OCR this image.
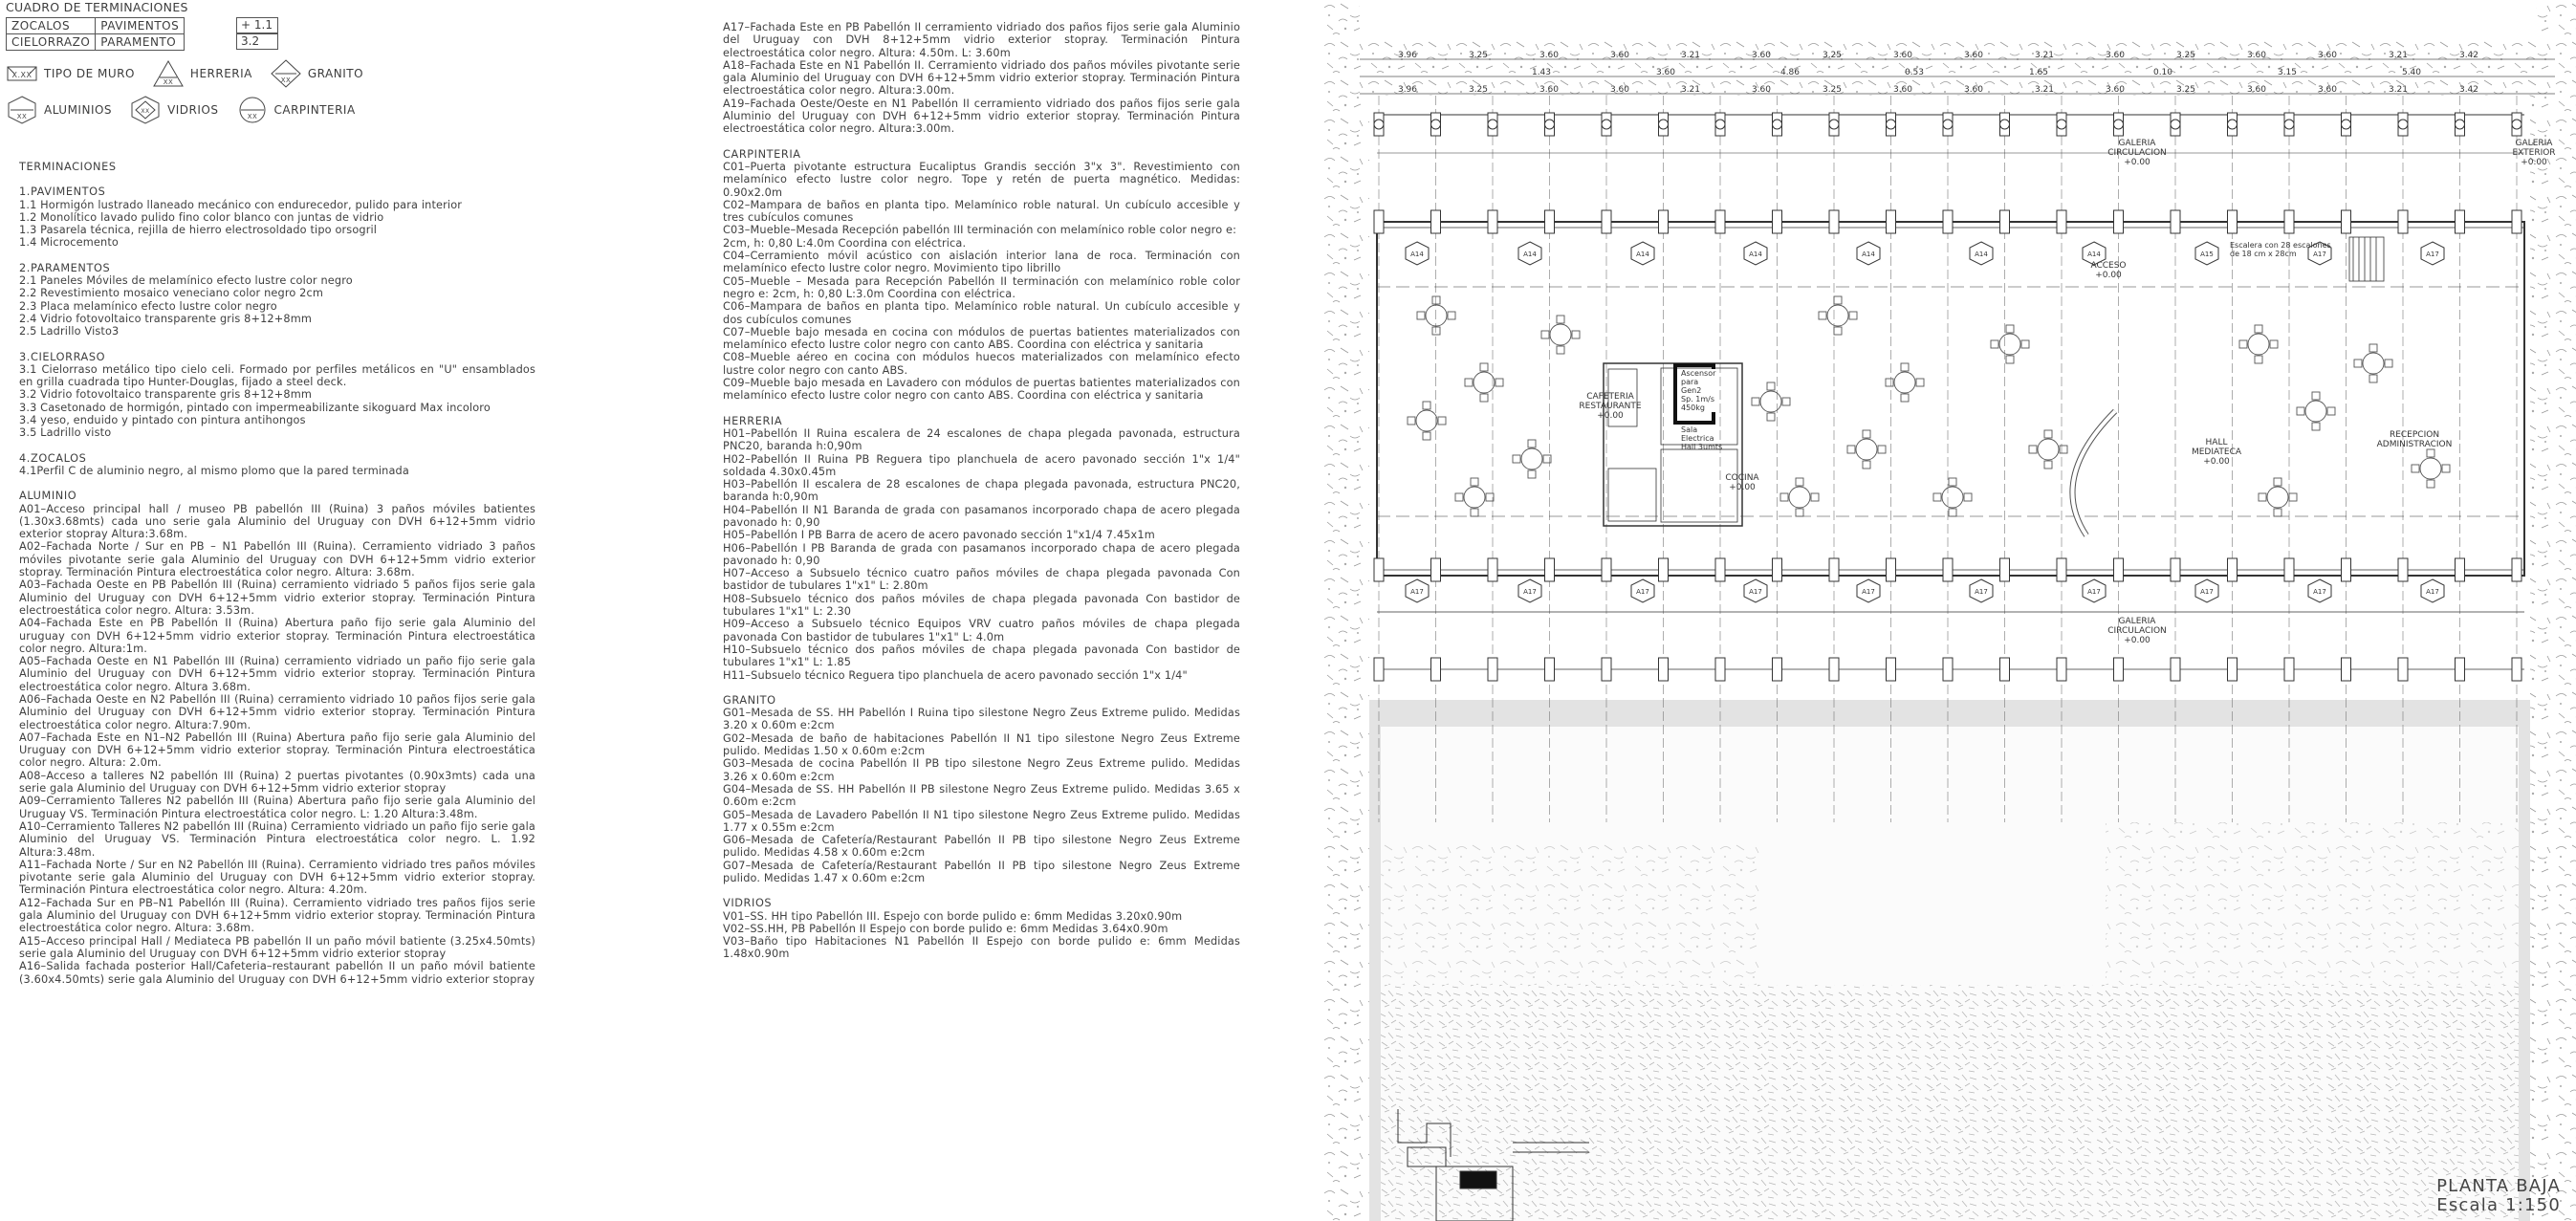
CUADRO DE TERMINACIONES
ZOCALOS	PAVIMENTOS
CIELORRAZO	PARAMENTO
+ 1.1
3.2
X.XX TIPO DE MURO
XX
HERRERIA	XX GRANITO
XX ALUMINIOS	XX VIDRIOS	XX CARPINTERIA
TERMINACIONES
1.PAVIMENTOS
1.1 Hormigón lustrado llaneado mecánico con endurecedor, pulido para interior
1.2 Monolítico lavado pulido fino color blanco con juntas de vidrio
1.3 Pasarela técnica, rejilla de hierro electrosoldado tipo orsogril
1.4 Microcemento
2.PARAMENTOS
2.1 Paneles Móviles de melamínico efecto lustre color negro
2.2 Revestimiento mosaico veneciano color negro 2cm
2.3 Placa melamínico efecto lustre color negro
2.4 Vidrio fotovoltaico transparente gris 8+12+8mm
2.5 Ladrillo Visto3
3.CIELORRASO
3.1 Cielorraso metálico tipo cielo celi. Formado por perfiles metálicos en "U" ensamblados en grilla cuadrada tipo Hunter-Douglas, fijado a steel deck.
3.2 Vidrio fotovoltaico transparente gris 8+12+8mm
3.3 Casetonado de hormigón, pintado con impermeabilizante sikoguard Max incoloro
3.4 yeso, enduido y pintado con pintura antihongos
3.5 Ladrillo visto
4.ZOCALOS
4.1Perfil C de aluminio negro, al mismo plomo que la pared terminada
ALUMINIO
A01–Acceso principal hall / museo PB pabellón III (Ruina) 3 paños móviles batientes (1.30x3.68mts) cada uno serie gala Aluminio del Uruguay con DVH 6+12+5mm vidrio exterior stopray Altura:3.68m.
A02–Fachada Norte / Sur en PB – N1 Pabellón III (Ruina). Cerramiento vidriado 3 paños móviles pivotante serie gala Aluminio del Uruguay con DVH 6+12+5mm vidrio exterior stopray. Terminación Pintura electroestática color negro. Altura: 3.68m.
A03–Fachada Oeste en PB Pabellón III (Ruina) cerramiento vidriado 5 paños fijos serie gala Aluminio del Uruguay con DVH 6+12+5mm vidrio exterior stopray. Terminación Pintura electroestática color negro. Altura: 3.53m.
A04–Fachada Este en PB Pabellón II (Ruina) Abertura paño fijo serie gala Aluminio del uruguay con DVH 6+12+5mm vidrio exterior stopray. Terminación Pintura electroestática color negro. Altura:1m.
A05–Fachada Oeste en N1 Pabellón III (Ruina) cerramiento vidriado un paño fijo serie gala Aluminio del Uruguay con DVH 6+12+5mm vidrio exterior stopray. Terminación Pintura electroestática color negro. Altura 3.68m.
A06–Fachada Oeste en N2 Pabellón III (Ruina) cerramiento vidriado 10 paños fijos serie gala Aluminio del Uruguay con DVH 6+12+5mm vidrio exterior stopray. Terminación Pintura electroestática color negro. Altura:7.90m.
A07–Fachada Este en N1–N2 Pabellón III (Ruina) Abertura paño fijo serie gala Aluminio del Uruguay con DVH 6+12+5mm vidrio exterior stopray. Terminación Pintura electroestática color negro. Altura: 2.0m.
A08–Acceso a talleres N2 pabellón III (Ruina) 2 puertas pivotantes (0.90x3mts) cada una serie gala Aluminio del Uruguay con DVH 6+12+5mm vidrio exterior stopray
A09–Cerramiento Talleres N2 pabellón III (Ruina) Abertura paño fijo serie gala Aluminio del Uruguay VS. Terminación Pintura electroestática color negro. L: 1.20 Altura:3.48m.
A10–Cerramiento Talleres N2 pabellón III (Ruina) Cerramiento vidriado un paño fijo serie gala Aluminio del Uruguay VS. Terminación Pintura electroestática color negro. L. 1.92 Altura:3.48m.
A11–Fachada Norte / Sur en N2 Pabellón III (Ruina). Cerramiento vidriado tres paños móviles pivotante serie gala Aluminio del Uruguay con DVH 6+12+5mm vidrio exterior stopray. Terminación Pintura electroestática color negro. Altura: 4.20m.
A12–Fachada Sur en PB–N1 Pabellón III (Ruina). Cerramiento vidriado tres paños fijos serie gala Aluminio del Uruguay con DVH 6+12+5mm vidrio exterior stopray. Terminación Pintura electroestática color negro. Altura: 3.68m.
A15–Acceso principal Hall / Mediateca PB pabellón II un paño móvil batiente (3.25x4.50mts) serie gala Aluminio del Uruguay con DVH 6+12+5mm vidrio exterior stopray
A16–Salida fachada posterior Hall/Cafeteria–restaurant pabellón II un paño móvil batiente (3.60x4.50mts) serie gala Aluminio del Uruguay con DVH 6+12+5mm vidrio exterior stopray
A17–Fachada Este en PB Pabellón II cerramiento vidriado dos paños fijos serie gala Aluminio del Uruguay con DVH 8+12+5mm vidrio exterior stopray. Terminación Pintura electroestática color negro. Altura: 4.50m. L: 3.60m
A18–Fachada Este en N1 Pabellón II. Cerramiento vidriado dos paños móviles pivotante serie gala Aluminio del Uruguay con DVH 6+12+5mm vidrio exterior stopray. Terminación Pintura electroestática color negro. Altura:3.00m.
A19–Fachada Oeste/Oeste en N1 Pabellón II cerramiento vidriado dos paños fijos serie gala Aluminio del Uruguay con DVH 6+12+5mm vidrio exterior stopray. Terminación Pintura electroestática color negro. Altura:3.00m.
CARPINTERIA
C01–Puerta pivotante estructura Eucaliptus Grandis sección 3"x 3". Revestimiento con melamínico efecto lustre color negro. Tope y retén de puerta magnético. Medidas: 0.90x2.0m
C02–Mampara de baños en planta tipo. Melamínico roble natural. Un cubículo accesible y tres cubículos comunes
C03–Mueble–Mesada Recepción pabellón III terminación con melamínico roble color negro e:
2cm, h: 0,80 L:4.0m Coordina con eléctrica.
C04–Cerramiento móvil acústico con aislación interior lana de roca. Terminación con melamínico efecto lustre color negro. Movimiento tipo librillo
C05–Mueble – Mesada para Recepción Pabellón II terminación con melamínico roble color negro e: 2cm, h: 0,80 L:3.0m Coordina con eléctrica.
C06–Mampara de baños en planta tipo. Melamínico roble natural. Un cubículo accesible y dos cubículos comunes
C07–Mueble bajo mesada en cocina con módulos de puertas batientes materializados con melamínico efecto lustre color negro con canto ABS. Coordina con eléctrica y sanitaria
C08–Mueble aéreo en cocina con módulos huecos materializados con melamínico efecto lustre color negro con canto ABS.
C09–Mueble bajo mesada en Lavadero con módulos de puertas batientes materializados con melamínico efecto lustre color negro con canto ABS. Coordina con eléctrica y sanitaria
HERRERIA
H01–Pabellón II Ruina escalera de 24 escalones de chapa plegada pavonada, estructura PNC20, baranda h:0,90m
H02–Pabellón II Ruina PB Reguera tipo planchuela de acero pavonado sección 1"x 1/4" soldada 4.30x0.45m
H03–Pabellón II escalera de 28 escalones de chapa plegada pavonada, estructura PNC20, baranda h:0,90m
H04–Pabellón II N1 Baranda de grada con pasamanos incorporado chapa de acero plegada pavonado h: 0,90
H05–Pabellón I PB Barra de acero de acero pavonado sección 1"x1/4 7.45x1m
H06–Pabellón I PB Baranda de grada con pasamanos incorporado chapa de acero plegada pavonado h: 0,90
H07–Acceso a Subsuelo técnico cuatro paños móviles de chapa plegada pavonada Con bastidor de tubulares 1"x1" L: 2.80m
H08–Subsuelo técnico dos paños móviles de chapa plegada pavonada Con bastidor de tubulares 1"x1" L: 2.30
H09–Acceso a Subsuelo técnico Equipos VRV cuatro paños móviles de chapa plegada pavonada Con bastidor de tubulares 1"x1" L: 4.0m
H10–Subsuelo técnico dos paños móviles de chapa plegada pavonada Con bastidor de tubulares 1"x1" L: 1.85
H11–Subsuelo técnico Reguera tipo planchuela de acero pavonado sección 1"x 1/4"
GRANITO
G01–Mesada de SS. HH Pabellón I Ruina tipo silestone Negro Zeus Extreme pulido. Medidas 3.20 x 0.60m e:2cm
G02–Mesada de baño de habitaciones Pabellón II N1 tipo silestone Negro Zeus Extreme pulido. Medidas 1.50 x 0.60m e:2cm
G03–Mesada de cocina Pabellón II PB tipo silestone Negro Zeus Extreme pulido. Medidas 3.26 x 0.60m e:2cm
G04–Mesada de SS. HH Pabellón II PB silestone Negro Zeus Extreme pulido. Medidas 3.65 x 0.60m e:2cm
G05–Mesada de Lavadero Pabellón II N1 tipo silestone Negro Zeus Extreme pulido. Medidas 1.77 x 0.55m e:2cm
G06–Mesada de Cafetería/Restaurant Pabellón II PB tipo silestone Negro Zeus Extreme pulido. Medidas 4.58 x 0.60m e:2cm
G07–Mesada de Cafetería/Restaurant Pabellón II PB tipo silestone Negro Zeus Extreme pulido. Medidas 1.47 x 0.60m e:2cm
VIDRIOS
V01–SS. HH tipo Pabellón III. Espejo con borde pulido e: 6mm Medidas 3.20x0.90m
V02–SS.HH, PB Pabellón II Espejo con borde pulido e: 6mm Medidas 3.64x0.90m
V03–Baño tipo Habitaciones N1 Pabellón II Espejo con borde pulido e: 6mm Medidas 1.48x0.90m
3.96
3.96
3.25
3.25
3.60
3.60
3.60
3.60
3.21
3.21
3.60
3.60
3.25
3.25
3.60
3.60
3.60
3.60
3.21
3.21
3.60
3.60
3.25
3.25
3.60
3.60
3.60
3.60
3.21
3.21
3.42
3.42
1.43	3.60	4.86	0.53	1.65	0.10	3.15	5.40
A14	A14	A14	A14	A14	A14	A14	A15	A17	A17
A17	A17	A17	A17	A17	A17	A17	A17	A17	A17
CAFETERIA RESTAURANTE
+0.00
COCINA
+0.00
ACCESO
+0.00
HALL MEDIATECA
+0.00
RECEPCION ADMINISTRACION
GALERIA CIRCULACION
+0.00
GALERIA EXTERIOR
+0.00
GALERIA CIRCULACION
+0.00
Escalera con 28 escalones de 18 cm x 28cm
Ascensor para Gen2 Sp. 1m/s 450kg
Sala Electrica Hall 3umts
PLANTA BAJA
Escala 1:150
